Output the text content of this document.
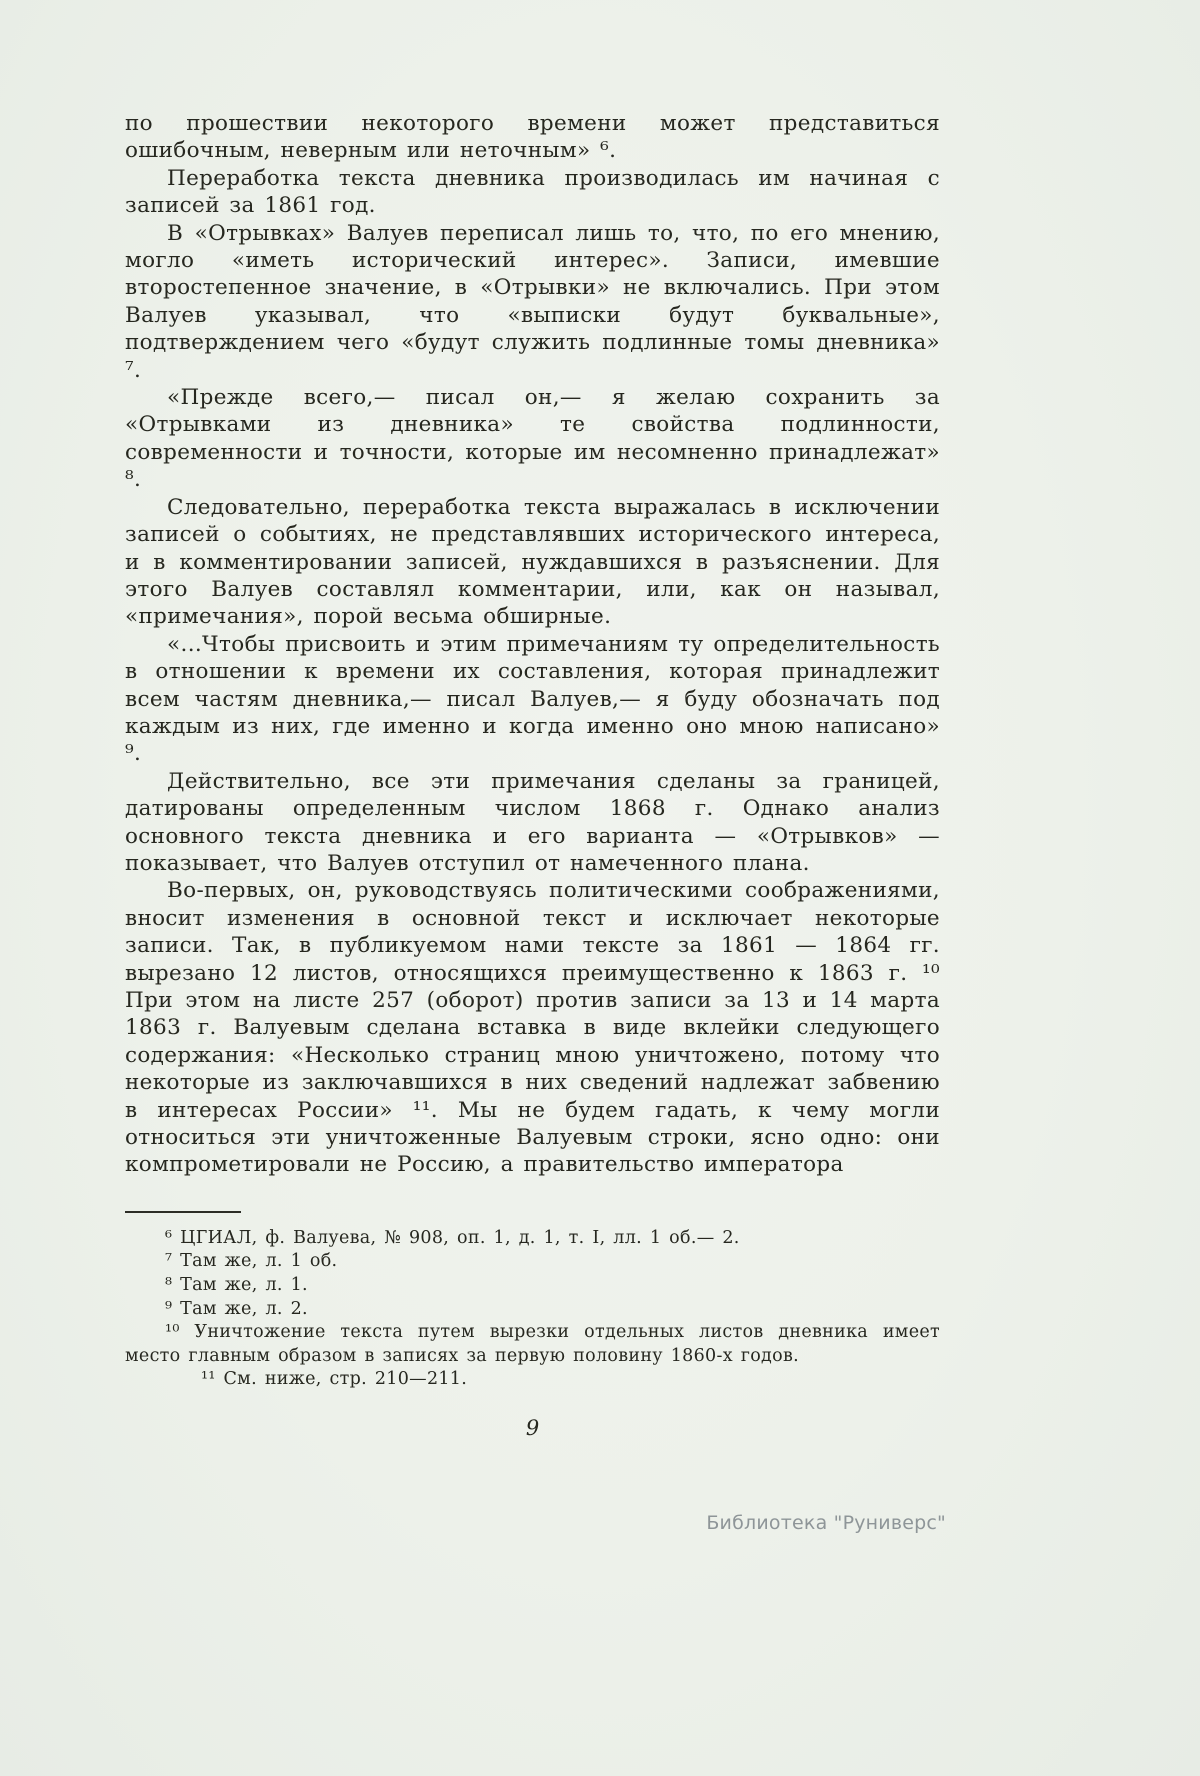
по прошествии некоторого времени может представиться ошибочным, неверным или неточным» ⁶.

Переработка текста дневника производилась им начиная с записей за 1861 год.

В «Отрывках» Валуев переписал лишь то, что, по его мнению, могло «иметь исторический интерес». Записи, имевшие второстепенное значение, в «Отрывки» не включались. При этом Валуев указывал, что «выписки будут буквальные», подтверждением чего «будут служить подлинные томы дневника» ⁷.

«Прежде всего,— писал он,— я желаю сохранить за «Отрывками из дневника» те свойства подлинности, современности и точности, которые им несомненно принадлежат» ⁸.

Следовательно, переработка текста выражалась в исключении записей о событиях, не представлявших исторического интереса, и в комментировании записей, нуждавшихся в разъяснении. Для этого Валуев составлял комментарии, или, как он называл, «примечания», порой весьма обширные.

«...Чтобы присвоить и этим примечаниям ту определительность в отношении к времени их составления, которая принадлежит всем частям дневника,— писал Валуев,— я буду обозначать под каждым из них, где именно и когда именно оно мною написано» ⁹.

Действительно, все эти примечания сделаны за границей, датированы определенным числом 1868 г. Однако анализ основного текста дневника и его варианта — «Отрывков» — показывает, что Валуев отступил от намеченного плана.

Во-первых, он, руководствуясь политическими соображениями, вносит изменения в основной текст и исключает некоторые записи. Так, в публикуемом нами тексте за 1861 — 1864 гг. вырезано 12 листов, относящихся преимущественно к 1863 г. ¹⁰ При этом на листе 257 (оборот) против записи за 13 и 14 марта 1863 г. Валуевым сделана вставка в виде вклейки следующего содержания: «Несколько страниц мною уничтожено, потому что некоторые из заключавшихся в них сведений надлежат забвению в интересах России» ¹¹. Мы не будем гадать, к чему могли относиться эти уничтоженные Валуевым строки, ясно одно: они компрометировали не Россию, а правительство императора

⁶ ЦГИАЛ, ф. Валуева, № 908, оп. 1, д. 1, т. I, лл. 1 об.— 2.

⁷ Там же, л. 1 об.

⁸ Там же, л. 1.

⁹ Там же, л. 2.

¹⁰ Уничтожение текста путем вырезки отдельных листов дневника имеет место главным образом в записях за первую половину 1860-х годов.

¹¹ См. ниже, стр. 210—211.

9
Библиотека "Руниверс"
